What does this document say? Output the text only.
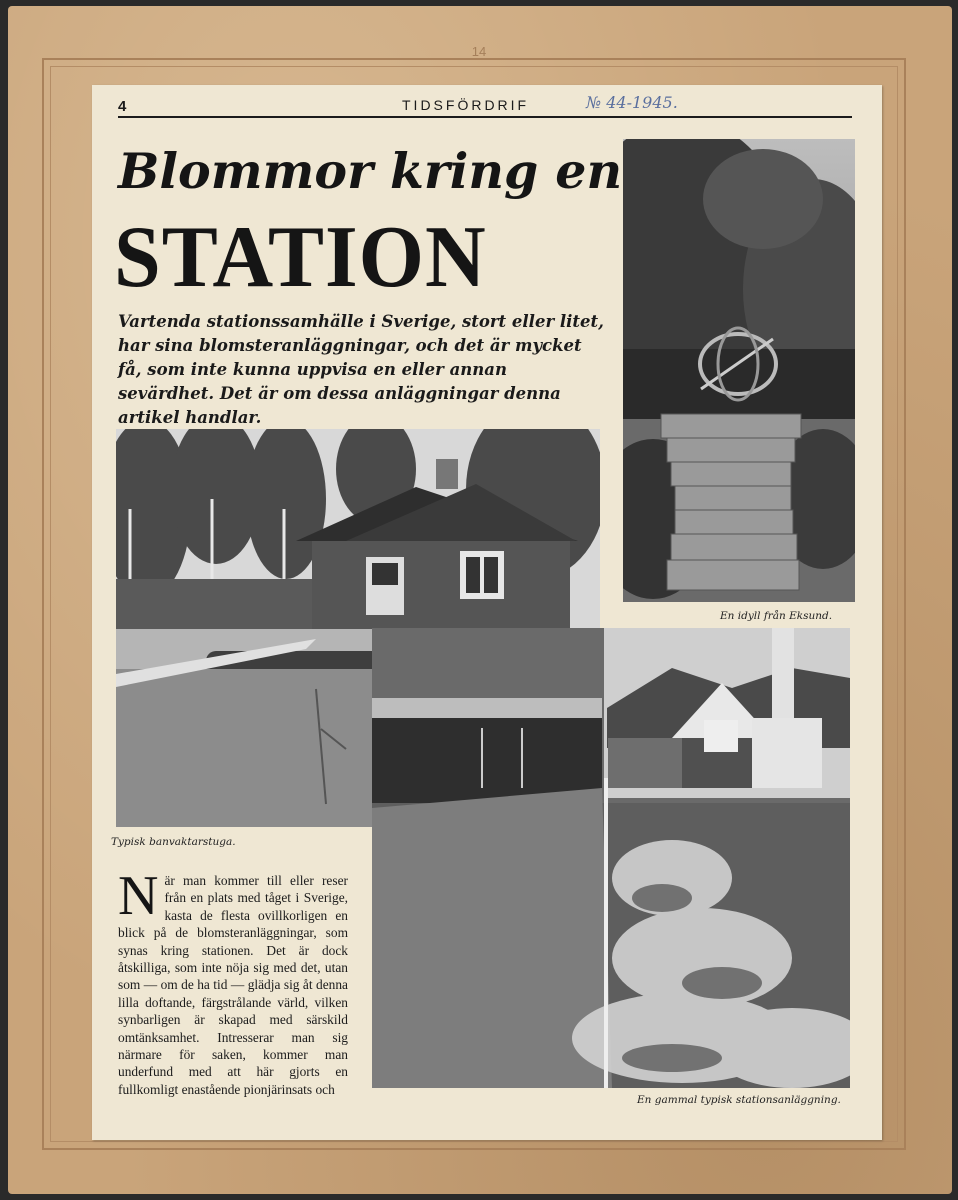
14
4	TIDSFÖRDRIF	№ 44-1945.
Blommor kring en
STATION
Vartenda stationssamhälle i Sverige, stort eller litet, har sina blomsteranläggningar, och det är mycket få, som inte kunna uppvisa en eller annan sevärdhet. Det är om dessa anläggningar denna artikel handlar.
En idyll från Eksund.
Typisk banvaktarstuga.
En gammal typisk stationsanläggning.
När man kommer till eller reser från en plats med tåget i Sverige, kasta de flesta ovillkorligen en blick på de blomsteranläggningar, som synas kring stationen. Det är dock åtskilliga, som inte nöja sig med det, utan som — om de ha tid — glädja sig åt denna lilla doftande, färgstrålande värld, vilken synbarligen är skapad med särskild omtänksamhet. Intresserar man sig närmare för saken, kommer man underfund med att här gjorts en fullkomligt enastående pionjärinsats och
